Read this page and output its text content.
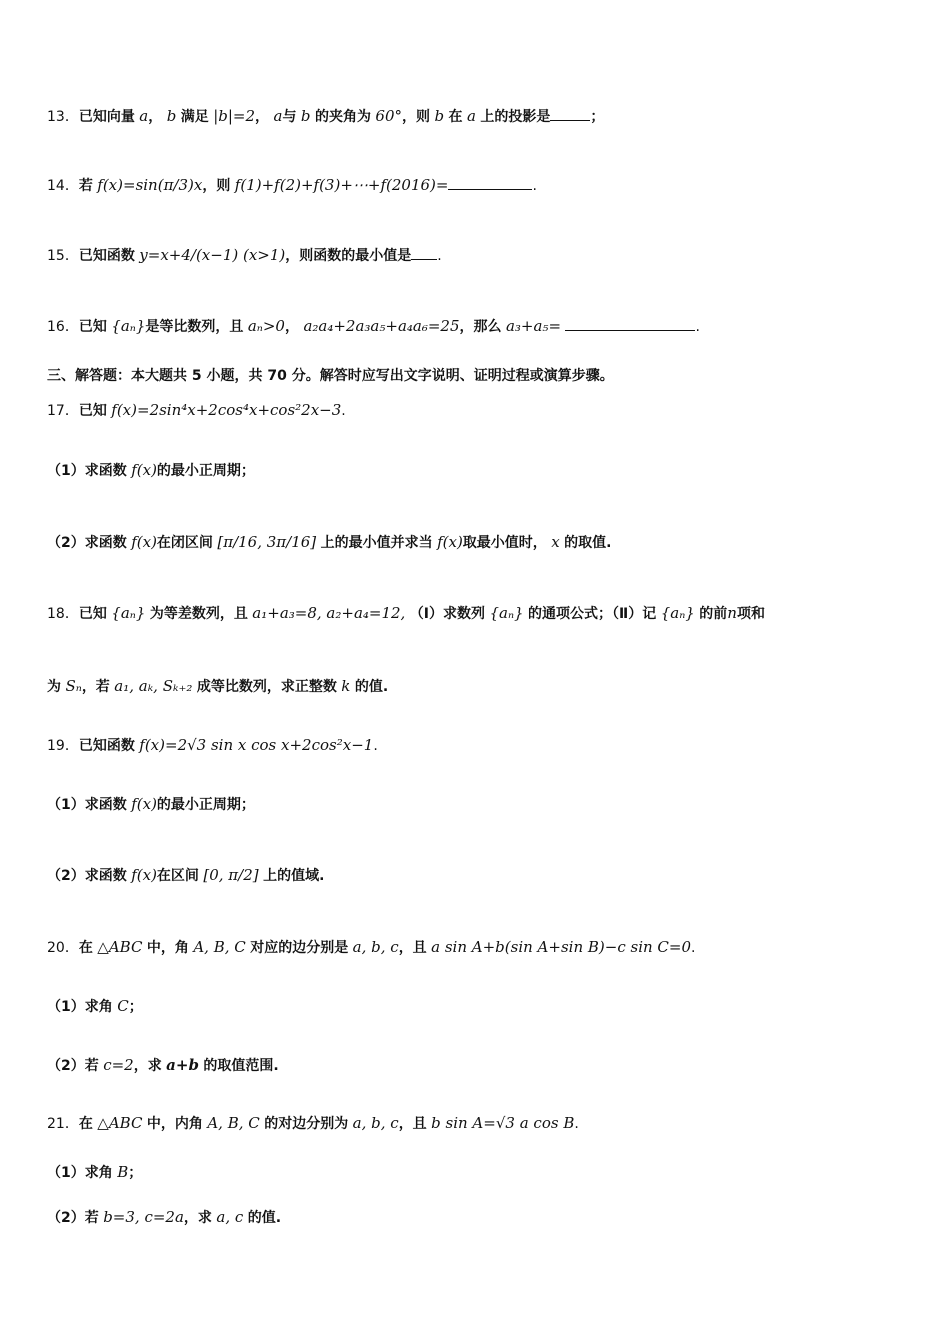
13．已知向量 a， b 满足 |b|=2， a与 b 的夹角为 60°，则 b 在 a 上的投影是	；
14．若 f(x)=sin(π/3)x，则 f(1)+f(2)+f(3)+⋯+f(2016)=	.
15．已知函数 y=x+4/(x−1) (x>1)，则函数的最小值是 .
16．已知 {aₙ}是等比数列，且 aₙ>0， a₂a₄+2a₃a₅+a₄a₆=25，那么 a₃+a₅=	.
三、解答题：本大题共 5 小题，共 70 分。解答时应写出文字说明、证明过程或演算步骤。
17．已知 f(x)=2sin⁴x+2cos⁴x+cos²2x−3.
（1）求函数 f(x)的最小正周期；
（2）求函数 f(x)在闭区间 [π/16, 3π/16] 上的最小值并求当 f(x)取最小值时， x 的取值.
18．已知 {aₙ} 为等差数列，且 a₁+a₃=8, a₂+a₄=12, （Ⅰ）求数列 {aₙ} 的通项公式；（Ⅱ）记 {aₙ} 的前n项和
为 Sₙ，若 a₁, aₖ, Sₖ₊₂ 成等比数列，求正整数 k 的值.
19．已知函数 f(x)=2√3 sin x cos x+2cos²x−1.
（1）求函数 f(x)的最小正周期；
（2）求函数 f(x)在区间 [0, π/2] 上的值域.
20．在 △ABC 中，角 A, B, C 对应的边分别是 a, b, c，且 a sin A+b(sin A+sin B)−c sin C=0.
（1）求角 C；
（2）若 c=2，求 a+b 的取值范围.
21．在 △ABC 中，内角 A, B, C 的对边分别为 a, b, c，且 b sin A=√3 a cos B.
（1）求角 B；
（2）若 b=3, c=2a，求 a, c 的值.
